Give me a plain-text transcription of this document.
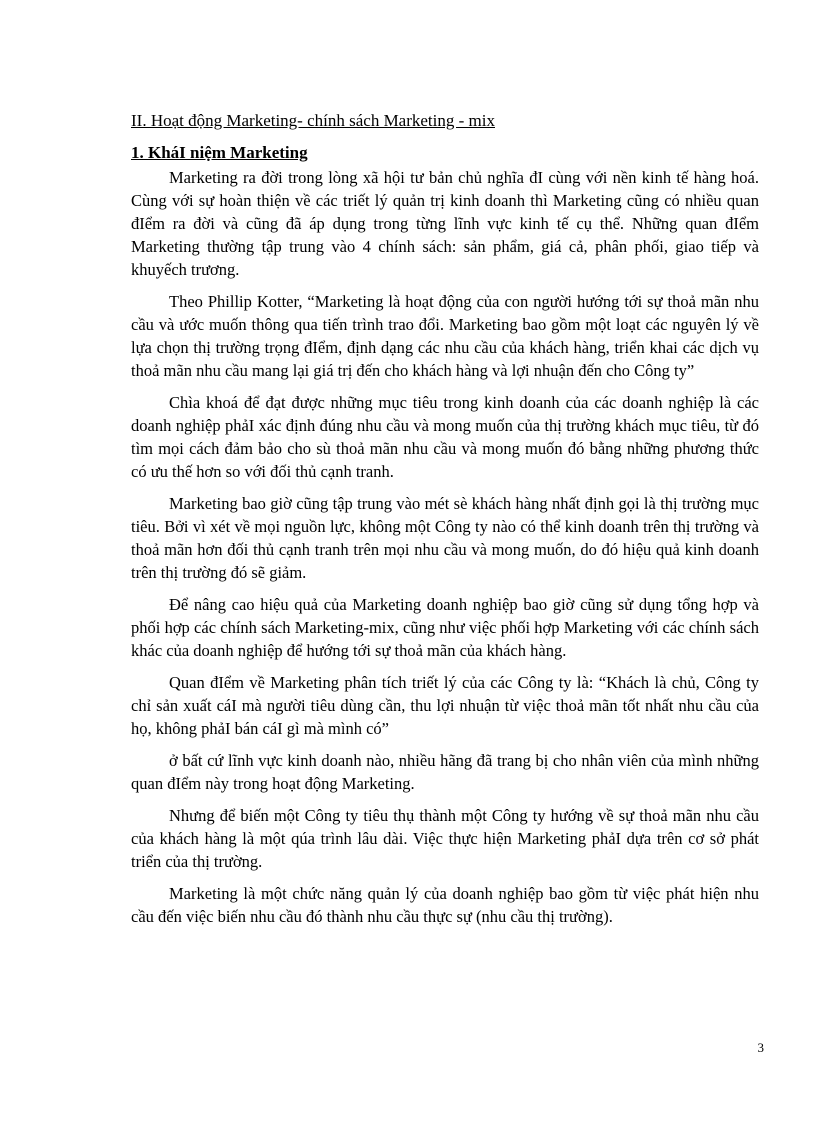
II. Hoạt động Marketing- chính sách Marketing - mix
1. KháI niệm Marketing

Marketing ra đời trong lòng xã hội tư bản chủ nghĩa đI cùng với nền kinh tế hàng hoá. Cùng với sự hoàn thiện về các triết lý quản trị kinh doanh thì Marketing cũng có nhiều quan đIểm ra đời và cũng đã áp dụng trong từng lĩnh vực kinh tế cụ thể. Những quan đIểm Marketing thường tập trung vào 4 chính sách: sản phẩm, giá cả, phân phối, giao tiếp và khuyếch trương.

Theo Phillip Kotter, “Marketing là hoạt động của con người hướng tới sự thoả mãn nhu cầu và ước muốn thông qua tiến trình trao đổi. Marketing bao gồm một loạt các nguyên lý về lựa chọn thị trường trọng đIểm, định dạng các nhu cầu của khách hàng, triển khai các dịch vụ thoả mãn nhu cầu mang lại giá trị đến cho khách hàng và lợi nhuận đến cho Công ty”

Chìa khoá để đạt được những mục tiêu trong kinh doanh của các doanh nghiệp là các doanh nghiệp phảI xác định đúng nhu cầu và mong muốn của thị trường khách mục tiêu, từ đó tìm mọi cách đảm bảo cho sù thoả mãn nhu cầu và mong muốn đó bằng những phương thức có ưu thế hơn so với đối thủ cạnh tranh.

Marketing bao giờ cũng tập trung vào mét sè khách hàng nhất định gọi là thị trường mục tiêu. Bởi vì xét về mọi nguồn lực, không một Công ty nào có thể kinh doanh trên thị trường và thoả mãn hơn đối thủ cạnh tranh trên mọi nhu cầu và mong muốn, do đó hiệu quả kinh doanh trên thị trường đó sẽ giảm.

Để nâng cao hiệu quả của Marketing doanh nghiệp bao giờ cũng sử dụng tổng hợp và phối hợp các chính sách Marketing-mix, cũng như việc phối hợp Marketing với các chính sách khác của doanh nghiệp để hướng tới sự thoả mãn của khách hàng.

Quan đIểm về Marketing phân tích triết lý của các Công ty là: “Khách là chủ, Công ty chỉ sản xuất cáI mà người tiêu dùng cần, thu lợi nhuận từ việc thoả mãn tốt nhất nhu cầu của họ, không phảI bán cáI gì mà mình có”

ở bất cứ lĩnh vực kinh doanh nào, nhiều hãng đã trang bị cho nhân viên của mình những quan đIểm này trong hoạt động Marketing.

Nhưng để biến một Công ty tiêu thụ thành một Công ty hướng về sự thoả mãn nhu cầu của khách hàng là một qúa trình lâu dài. Việc thực hiện Marketing phảI dựa trên cơ sở phát triển của thị trường.

Marketing là một chức năng quản lý của doanh nghiệp bao gồm từ việc phát hiện nhu cầu đến việc biến nhu cầu đó thành nhu cầu thực sự (nhu cầu thị trường).

3
